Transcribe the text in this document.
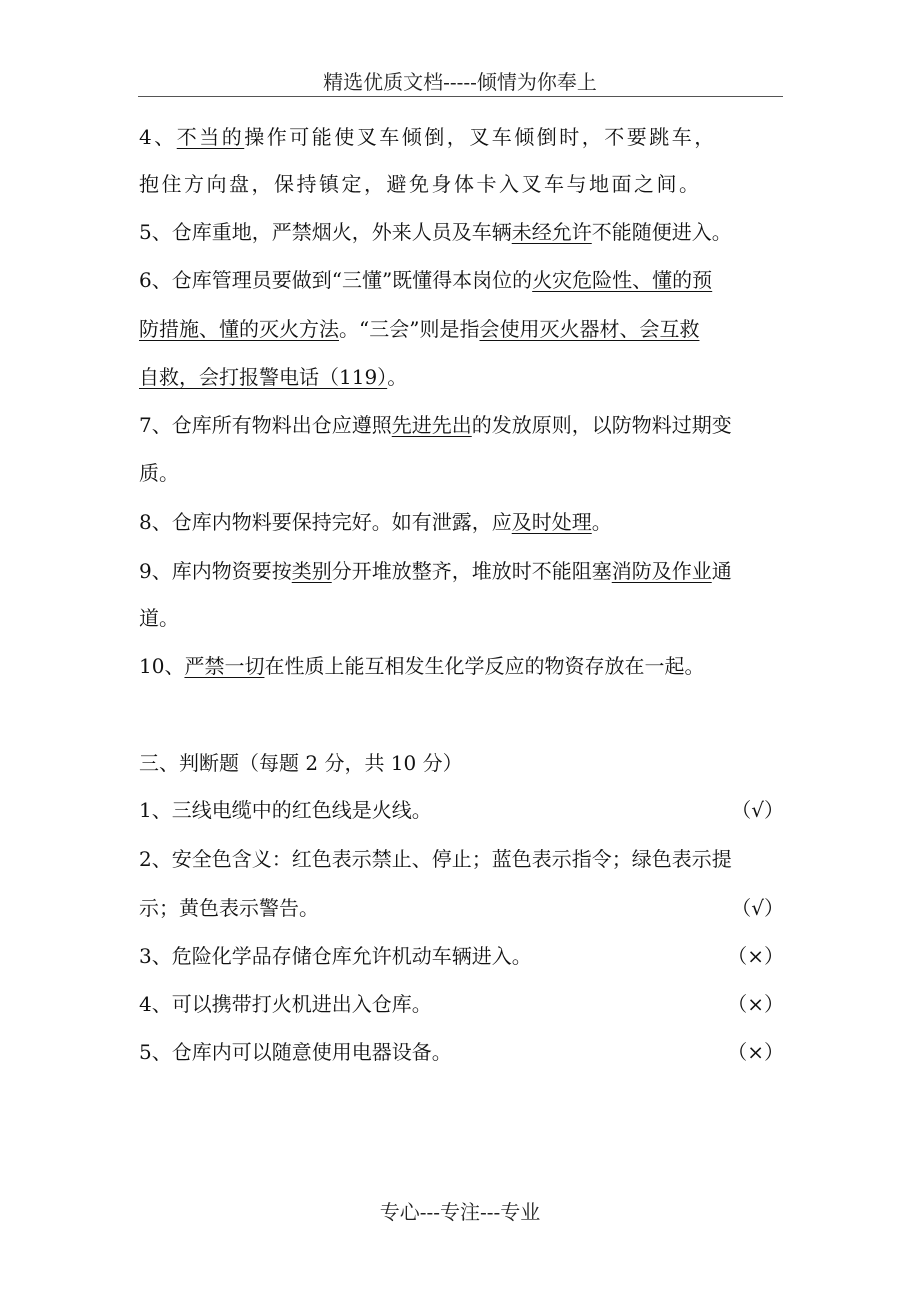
精选优质文档-----倾情为你奉上
4、不当的操作可能使叉车倾倒，叉车倾倒时，不要跳车，
抱住方向盘，保持镇定，避免身体卡入叉车与地面之间。
5、仓库重地，严禁烟火，外来人员及车辆未经允许不能随便进入。
6、仓库管理员要做到“三懂”既懂得本岗位的火灾危险性、懂的预
防措施、懂的灭火方法。“三会”则是指会使用灭火器材、会互救
自救，会打报警电话（119）。
7、仓库所有物料出仓应遵照先进先出的发放原则，以防物料过期变
质。
8、仓库内物料要保持完好。如有泄露，应及时处理。
9、库内物资要按类别分开堆放整齐，堆放时不能阻塞消防及作业通
道。
10、严禁一切在性质上能互相发生化学反应的物资存放在一起。
三、判断题（每题 2 分，共 10 分）
1、三线电缆中的红色线是火线。	（√）
2、安全色含义：红色表示禁止、停止；蓝色表示指令；绿色表示提
示；黄色表示警告。	（√）
3、危险化学品存储仓库允许机动车辆进入。	（×）
4、可以携带打火机进出入仓库。	（×）
5、仓库内可以随意使用电器设备。	（×）
专心---专注---专业
